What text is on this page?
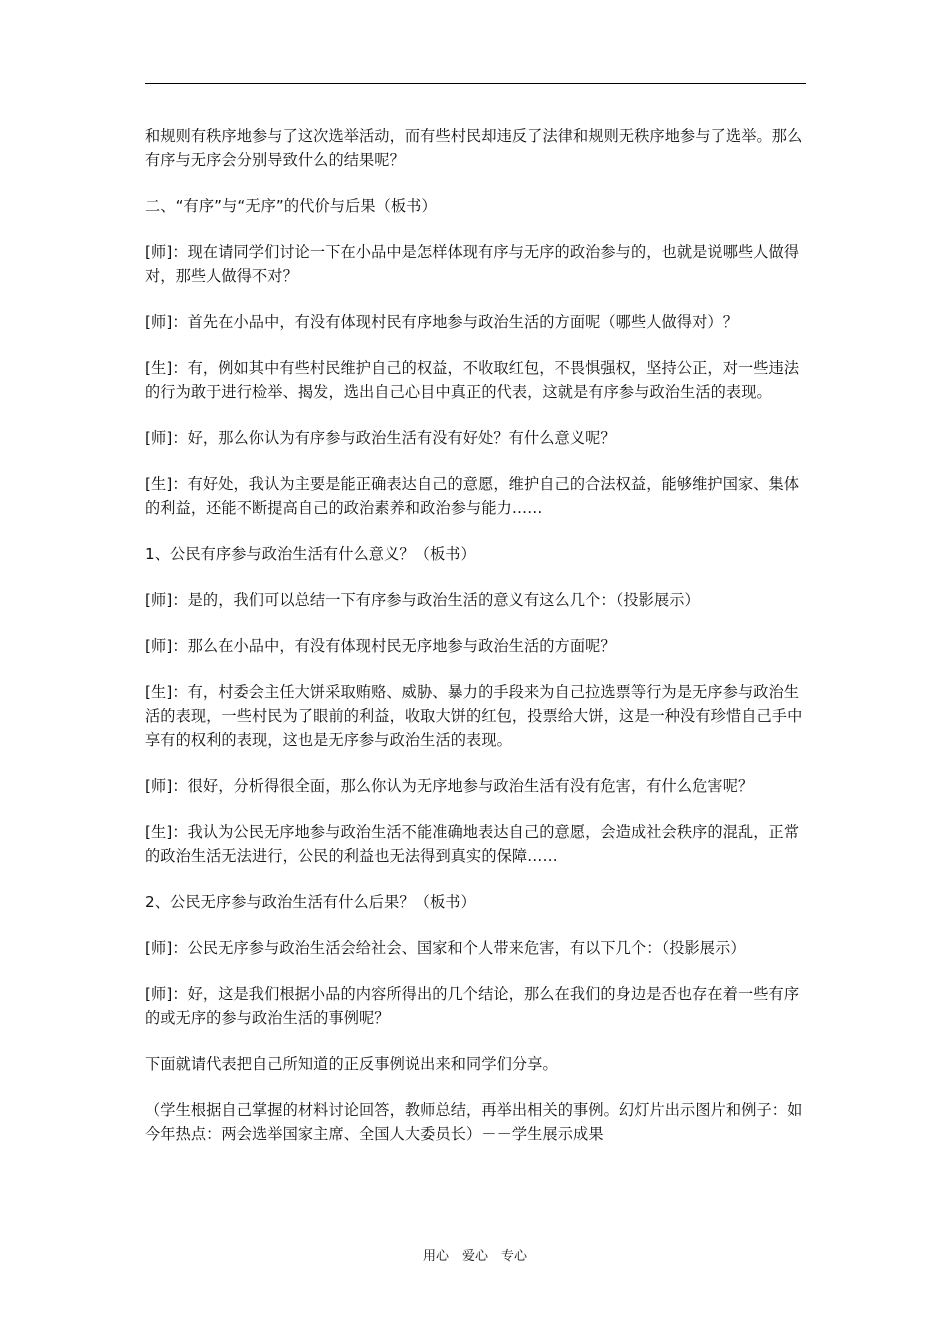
和规则有秩序地参与了这次选举活动，而有些村民却违反了法律和规则无秩序地参与了选举。那么有序与无序会分别导致什么的结果呢？

二、“有序”与“无序”的代价与后果（板书）

[师]：现在请同学们讨论一下在小品中是怎样体现有序与无序的政治参与的，也就是说哪些人做得对，那些人做得不对？

[师]：首先在小品中，有没有体现村民有序地参与政治生活的方面呢（哪些人做得对）？

[生]：有，例如其中有些村民维护自己的权益，不收取红包，不畏惧强权，坚持公正，对一些违法的行为敢于进行检举、揭发，选出自己心目中真正的代表，这就是有序参与政治生活的表现。

[师]：好，那么你认为有序参与政治生活有没有好处？有什么意义呢？

[生]：有好处，我认为主要是能正确表达自己的意愿，维护自己的合法权益，能够维护国家、集体的利益，还能不断提高自己的政治素养和政治参与能力……

1、公民有序参与政治生活有什么意义？（板书）

[师]：是的，我们可以总结一下有序参与政治生活的意义有这么几个：（投影展示）

[师]：那么在小品中，有没有体现村民无序地参与政治生活的方面呢？

[生]：有，村委会主任大饼采取贿赂、威胁、暴力的手段来为自己拉选票等行为是无序参与政治生活的表现，一些村民为了眼前的利益，收取大饼的红包，投票给大饼，这是一种没有珍惜自己手中享有的权利的表现，这也是无序参与政治生活的表现。

[师]：很好，分析得很全面，那么你认为无序地参与政治生活有没有危害，有什么危害呢？

[生]：我认为公民无序地参与政治生活不能准确地表达自己的意愿，会造成社会秩序的混乱，正常的政治生活无法进行，公民的利益也无法得到真实的保障……

2、公民无序参与政治生活有什么后果？（板书）

[师]：公民无序参与政治生活会给社会、国家和个人带来危害，有以下几个：（投影展示）

[师]：好，这是我们根据小品的内容所得出的几个结论，那么在我们的身边是否也存在着一些有序的或无序的参与政治生活的事例呢？

下面就请代表把自己所知道的正反事例说出来和同学们分享。

（学生根据自己掌握的材料讨论回答，教师总结，再举出相关的事例。幻灯片出示图片和例子：如今年热点：两会选举国家主席、全国人大委员长）－－学生展示成果

用心　爱心　专心
